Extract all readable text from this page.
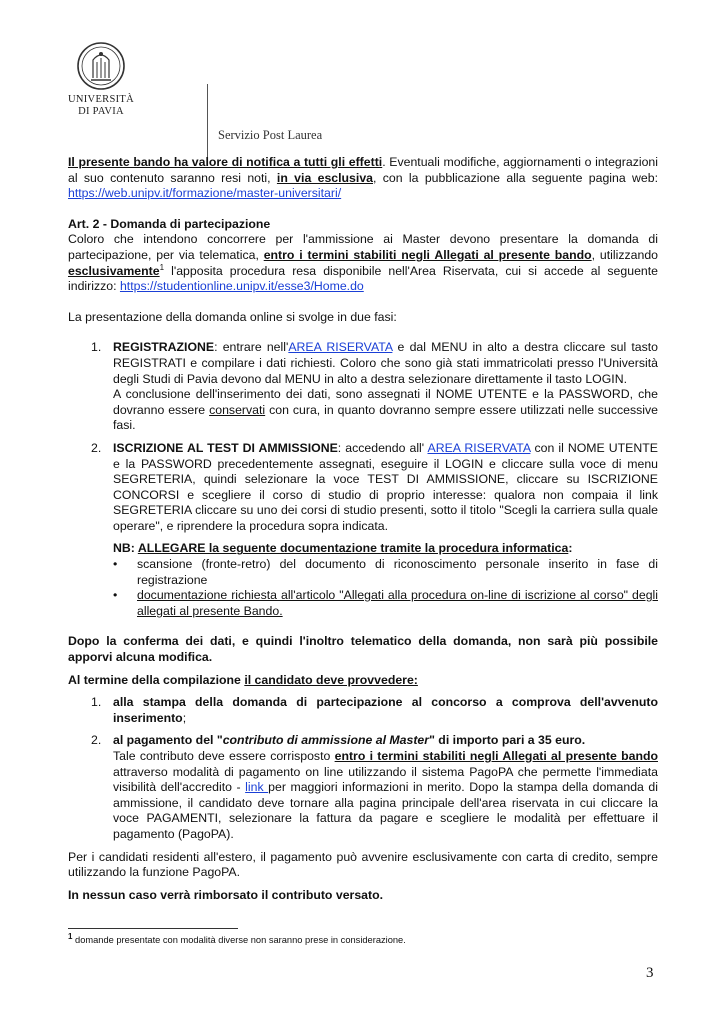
UNIVERSITÀ
DI PAVIA
Servizio Post Laurea

Il presente bando ha valore di notifica a tutti gli effetti. Eventuali modifiche, aggiornamenti o integrazioni al suo contenuto saranno resi noti, in via esclusiva, con la pubblicazione alla seguente pagina web: https://web.unipv.it/formazione/master-universitari/

Art. 2 - Domanda di partecipazione

Coloro che intendono concorrere per l'ammissione ai Master devono presentare la domanda di partecipazione, per via telematica, entro i termini stabiliti negli Allegati al presente bando, utilizzando esclusivamente$^1$ l'apposita procedura resa disponibile nell'Area Riservata, cui si accede al seguente indirizzo: https://studentionline.unipv.it/esse3/Home.do

La presentazione della domanda online si svolge in due fasi:

1. REGISTRAZIONE: entrare nell'AREA RISERVATA e dal MENU in alto a destra cliccare sul tasto REGISTRATI e compilare i dati richiesti. Coloro che sono già stati immatricolati presso l'Università degli Studi di Pavia devono dal MENU in alto a destra selezionare direttamente il tasto LOGIN.

A conclusione dell'inserimento dei dati, sono assegnati il NOME UTENTE e la PASSWORD, che dovranno essere conservati con cura, in quanto dovranno sempre essere utilizzati nelle successive fasi.

2. ISCRIZIONE AL TEST DI AMMISSIONE: accedendo all' AREA RISERVATA con il NOME UTENTE e la PASSWORD precedentemente assegnati, eseguire il LOGIN e cliccare sulla voce di menu SEGRETERIA, quindi selezionare la voce TEST DI AMMISSIONE, cliccare su ISCRIZIONE CONCORSI e scegliere il corso di studio di proprio interesse: qualora non compaia il link SEGRETERIA cliccare su uno dei corsi di studio presenti, sotto il titolo "Scegli la carriera sulla quale operare", e riprendere la procedura sopra indicata.

NB: ALLEGARE la seguente documentazione tramite la procedura informatica:

• scansione (fronte-retro) del documento di riconoscimento personale inserito in fase di registrazione
• documentazione richiesta all'articolo "Allegati alla procedura on-line di iscrizione al corso" degli allegati al presente Bando.

Dopo la conferma dei dati, e quindi l'inoltro telematico della domanda, non sarà più possibile apporvi alcuna modifica.

Al termine della compilazione il candidato deve provvedere:

1. alla stampa della domanda di partecipazione al concorso a comprova dell'avvenuto inserimento;

2. al pagamento del "contributo di ammissione al Master" di importo pari a 35 euro.

Tale contributo deve essere corrisposto entro i termini stabiliti negli Allegati al presente bando attraverso modalità di pagamento on line utilizzando il sistema PagoPA che permette l'immediata visibilità dell'accredito - link per maggiori informazioni in merito. Dopo la stampa della domanda di ammissione, il candidato deve tornare alla pagina principale dell'area riservata in cui cliccare la voce PAGAMENTI, selezionare la fattura da pagare e scegliere le modalità per effettuare il pagamento (PagoPA).

Per i candidati residenti all'estero, il pagamento può avvenire esclusivamente con carta di credito, sempre utilizzando la funzione PagoPA.

In nessun caso verrà rimborsato il contributo versato.

$^1$ domande presentate con modalità diverse non saranno prese in considerazione.
3
